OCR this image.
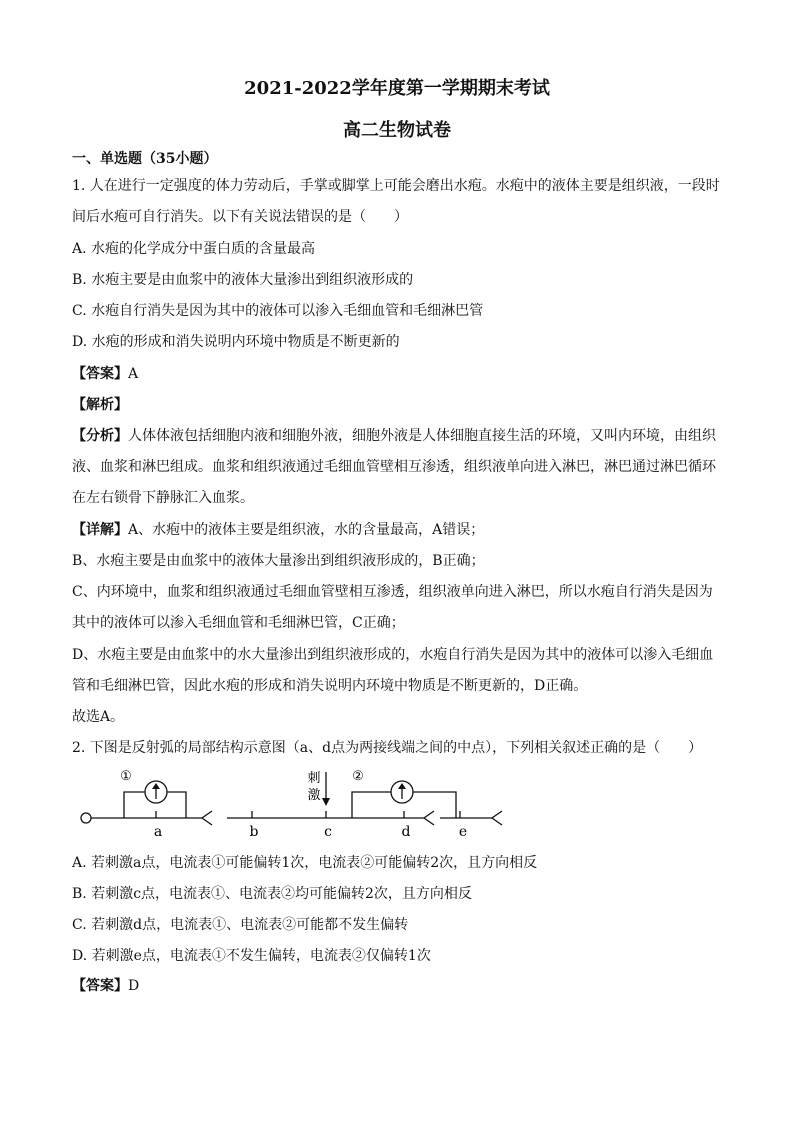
2021-2022学年度第一学期期末考试
高二生物试卷
一、单选题（35小题）
1. 人在进行一定强度的体力劳动后，手掌或脚掌上可能会磨出水疱。水疱中的液体主要是组织液，一段时
间后水疱可自行消失。以下有关说法错误的是（　　）
A. 水疱的化学成分中蛋白质的含量最高
B. 水疱主要是由血浆中的液体大量渗出到组织液形成的
C. 水疱自行消失是因为其中的液体可以渗入毛细血管和毛细淋巴管
D. 水疱的形成和消失说明内环境中物质是不断更新的
【答案】A
【解析】
【分析】人体体液包括细胞内液和细胞外液，细胞外液是人体细胞直接生活的环境，又叫内环境，由组织
液、血浆和淋巴组成。血浆和组织液通过毛细血管壁相互渗透，组织液单向进入淋巴，淋巴通过淋巴循环
在左右锁骨下静脉汇入血浆。
【详解】A、水疱中的液体主要是组织液，水的含量最高，A错误；
B、水疱主要是由血浆中的液体大量渗出到组织液形成的，B正确；
C、内环境中，血浆和组织液通过毛细血管壁相互渗透，组织液单向进入淋巴，所以水疱自行消失是因为
其中的液体可以渗入毛细血管和毛细淋巴管，C正确；
D、水疱主要是由血浆中的水大量渗出到组织液形成的，水疱自行消失是因为其中的液体可以渗入毛细血
管和毛细淋巴管，因此水疱的形成和消失说明内环境中物质是不断更新的，D正确。
故选A。
2. 下图是反射弧的局部结构示意图（a、d点为两接线端之间的中点），下列相关叙述正确的是（　　）
①
a	b	c	d
刺
激
②
e
A. 若刺激a点，电流表①可能偏转1次，电流表②可能偏转2次，且方向相反
B. 若刺激c点，电流表①、电流表②均可能偏转2次，且方向相反
C. 若刺激d点，电流表①、电流表②可能都不发生偏转
D. 若刺激e点，电流表①不发生偏转，电流表②仅偏转1次
【答案】D
